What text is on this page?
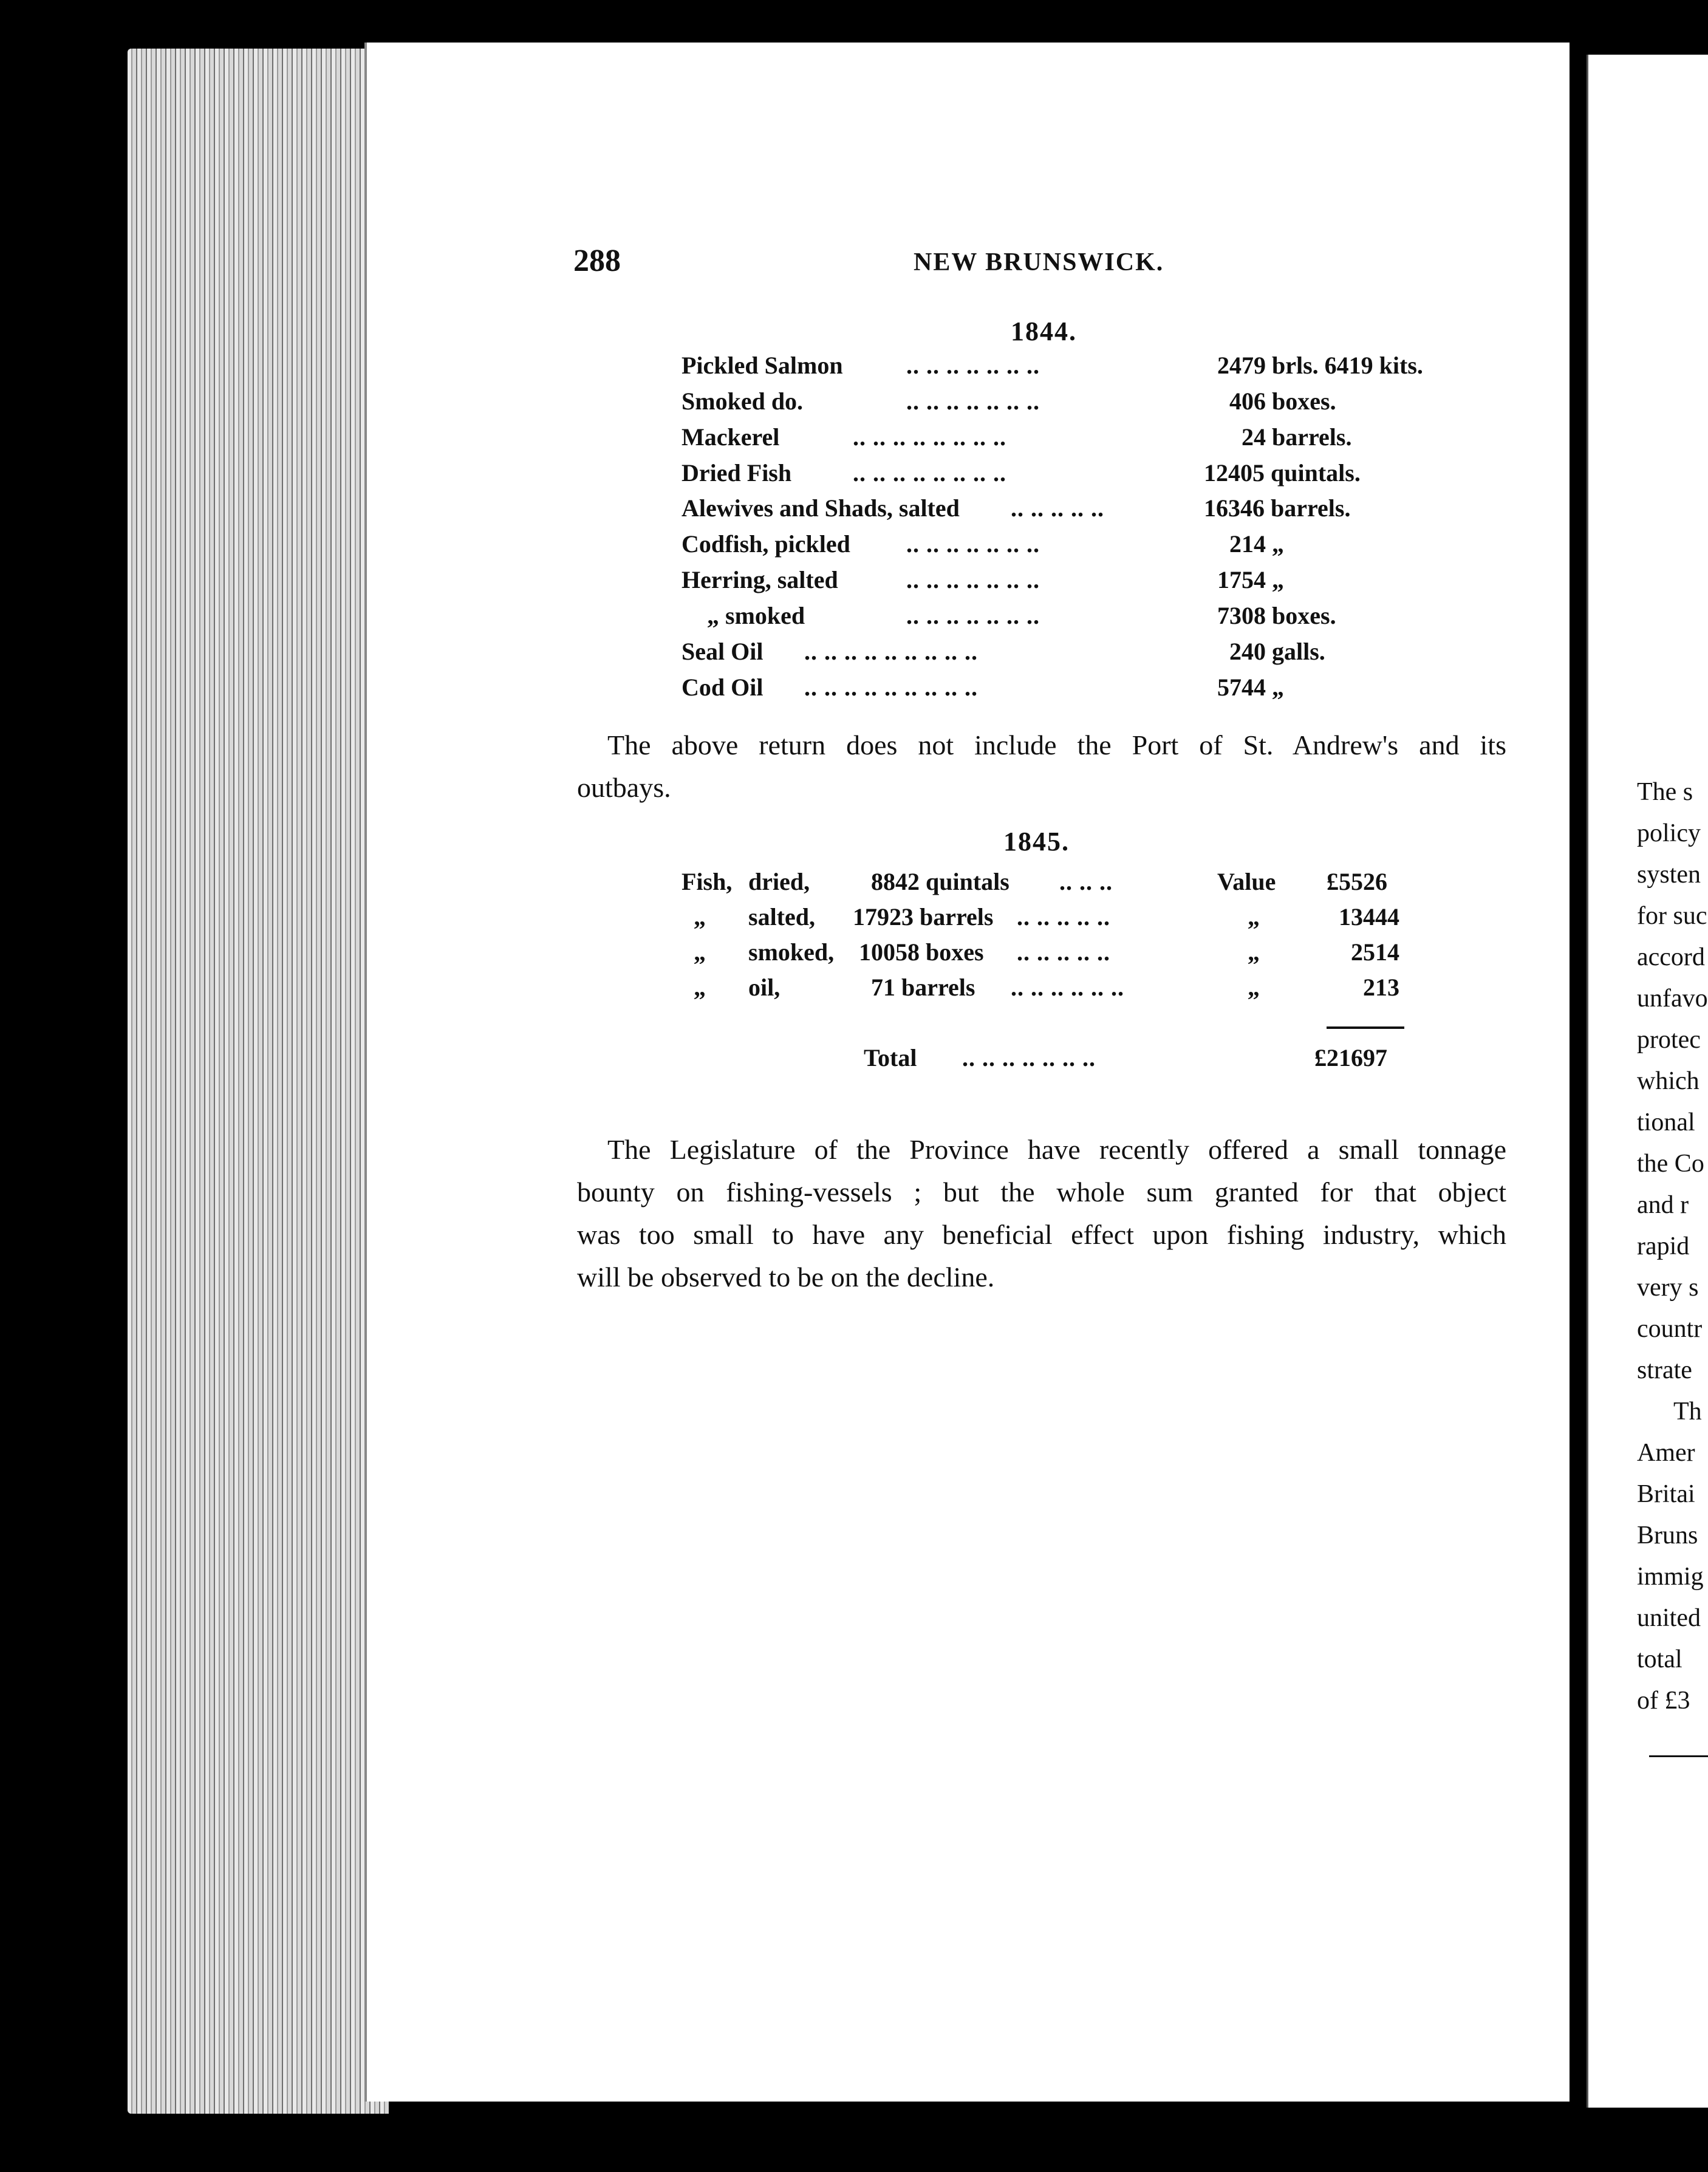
288	NEW BRUNSWICK.
1844.
Pickled Salmon	.. .. .. .. .. .. ..	2479 brls. 6419 kits.
Smoked do.	.. .. .. .. .. .. ..	406 boxes.
Mackerel	.. .. .. .. .. .. .. ..	24 barrels.
Dried Fish	.. .. .. .. .. .. .. ..	12405 quintals.
Alewives and Shads, salted .. .. .. .. ..	16346 barrels.
Codfish, pickled .. .. .. .. .. .. ..	214 „
Herring, salted	.. .. .. .. .. .. ..	1754 „
„ smoked	.. .. .. .. .. .. ..	7308 boxes.
Seal Oil .. .. .. .. .. .. .. .. ..	240 galls.
Cod Oil .. .. .. .. .. .. .. .. ..	5744 „
The above return does not include the Port of St. Andrew's and its
outbays.
1845.
Fish, dried,	8842 quintals .. .. ..	Value £5526
„ salted, 17923 barrels .. .. .. .. ..	„	13444
„ smoked, 10058 boxes .. .. .. .. ..	„	2514
„ oil,	71 barrels .. .. .. .. .. ..	„	213
Total .. .. .. .. .. .. ..	£21697
The Legislature of the Province have recently offered a small tonnage
bounty on fishing-vessels ; but the whole sum granted for that object
was too small to have any beneficial effect upon fishing industry, which
will be observed to be on the decline.
The s
policy
systen
for suc
accord
unfavo
protec
which
tional
the Co
and r
rapid
very s
countr
strate
Th
Amer
Britai
Bruns
immig
united
total
of £3
